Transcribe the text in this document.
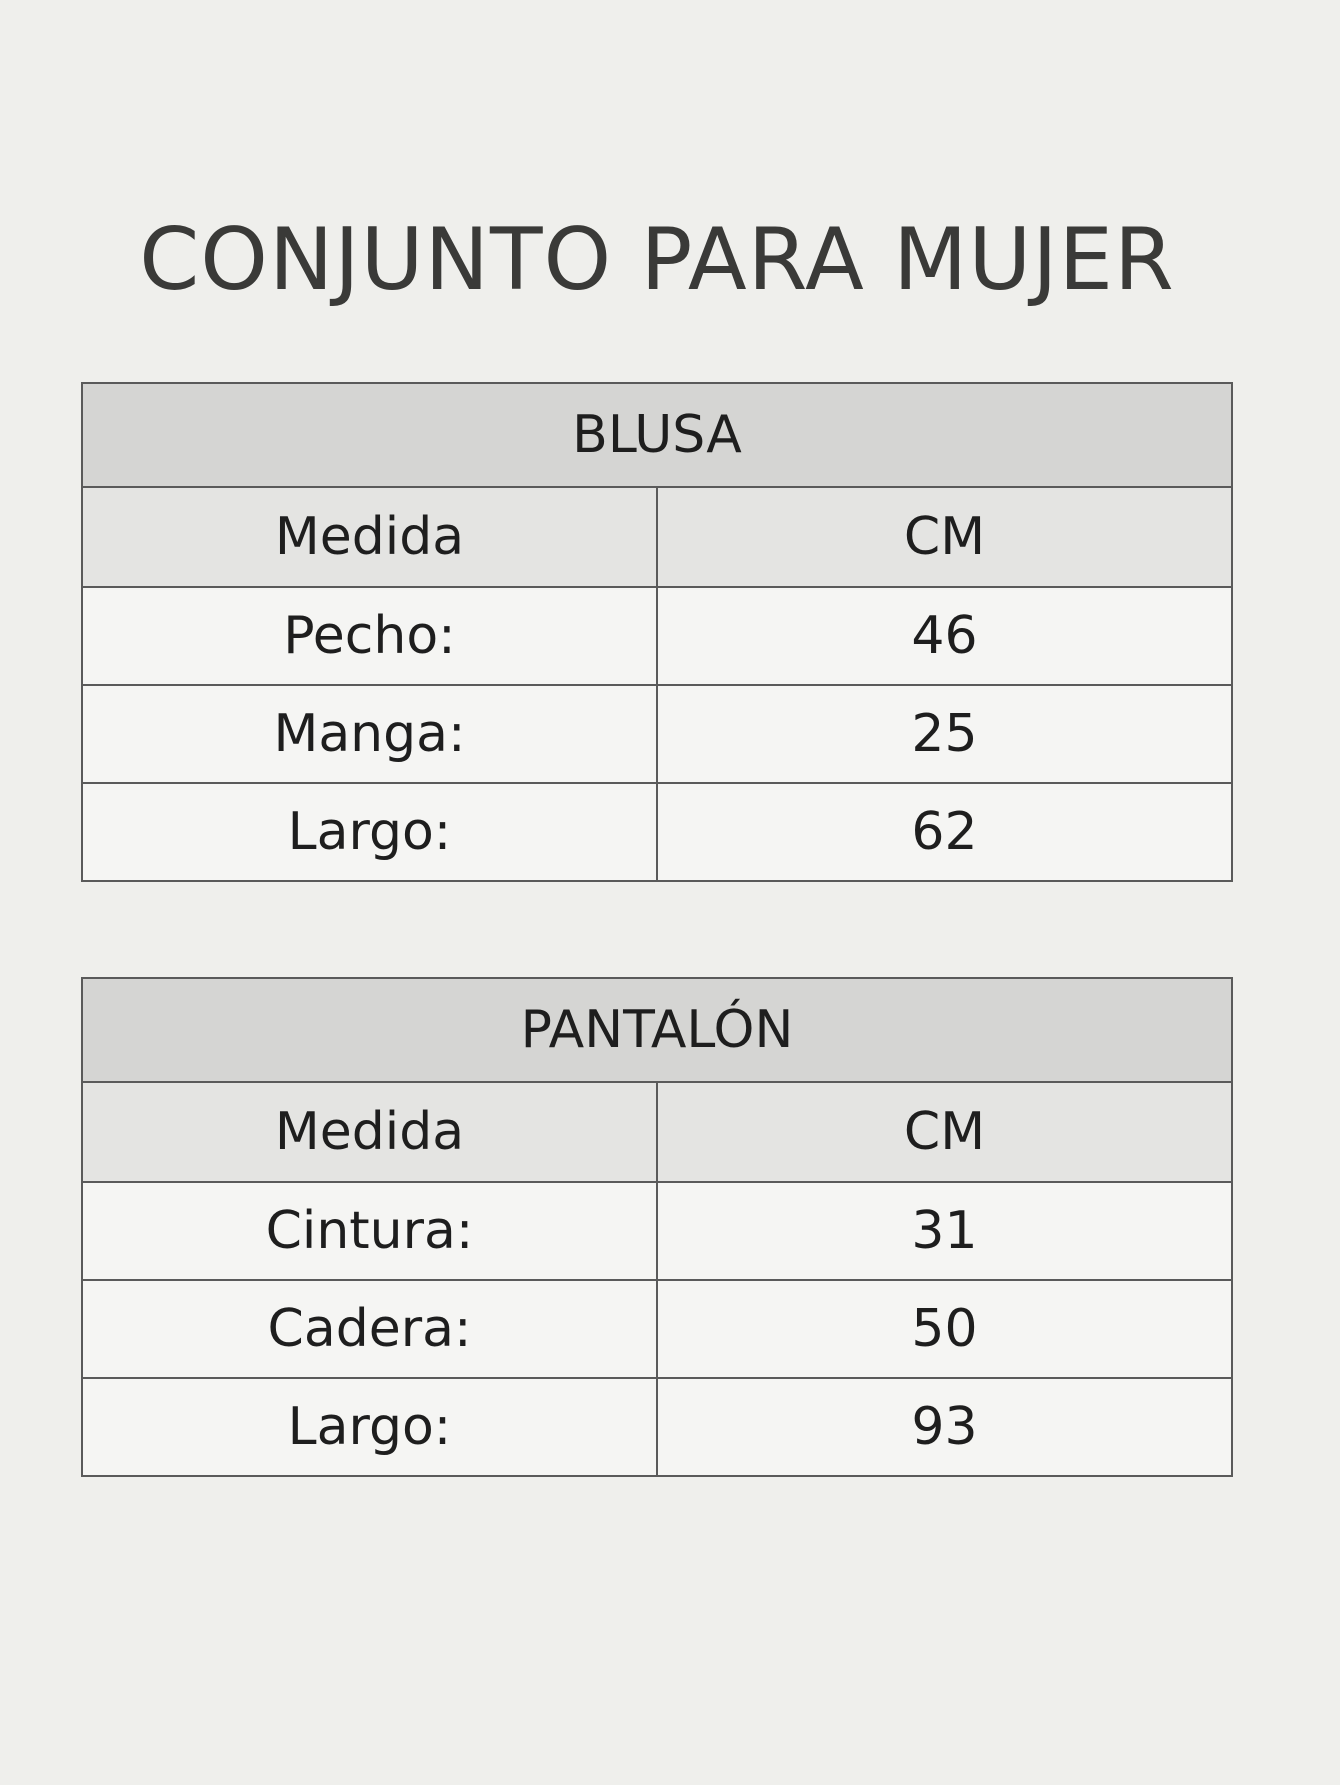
CONJUNTO PARA MUJER
BLUSA	
Medida	CM
Pecho:	46
Manga:	25
Largo:	62
PANTALÓN	
Medida	CM
Cintura:	31
Cadera:	50
Largo:	93
